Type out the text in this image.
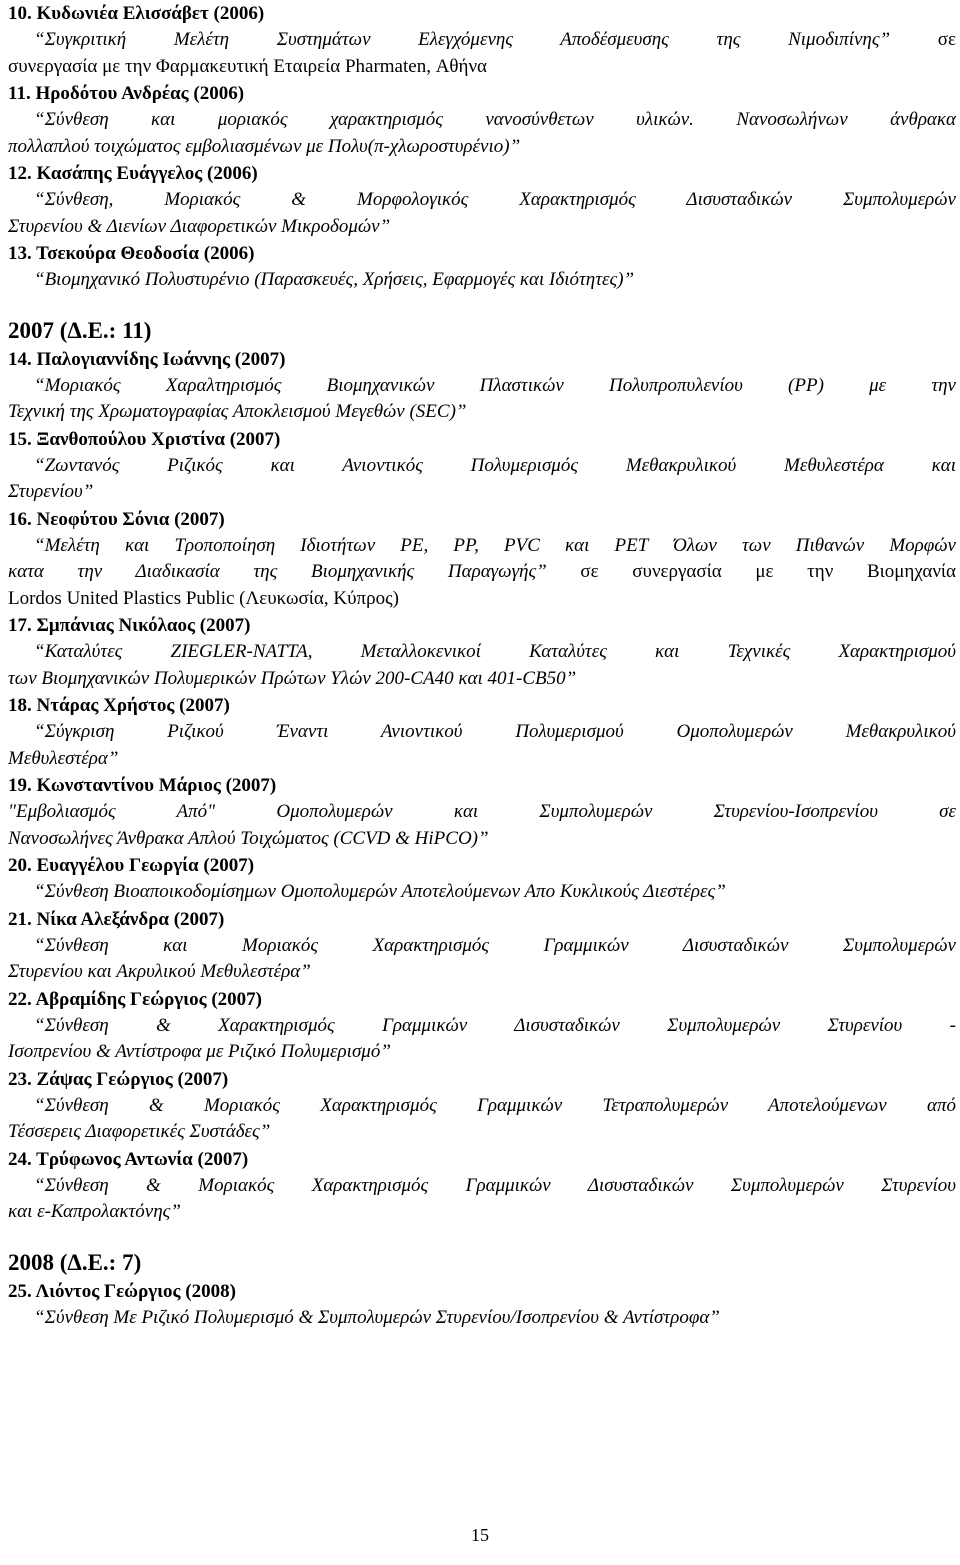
10. Κυδωνιέα Ελισσάβετ (2006)
“Συγκριτική Μελέτη Συστημάτων Ελεγχόμενης Αποδέσμευσης της Νιμοδιπίνης” σε
συνεργασία με την Φαρμακευτική Εταιρεία Pharmaten, Αθήνα
11. Ηροδότου Ανδρέας (2006)
“Σύνθεση και μοριακός χαρακτηρισμός νανοσύνθετων υλικών. Νανοσωλήνων άνθρακα
πολλαπλού τοιχώματος εμβολιασμένων με Πολυ(π-χλωροστυρένιο)”
12. Κασάπης Ευάγγελος (2006)
“Σύνθεση, Μοριακός & Μορφολογικός Χαρακτηρισμός Δισυσταδικών Συμπολυμερών
Στυρενίου & Διενίων Διαφορετικών Μικροδομών”
13. Τσεκούρα Θεοδοσία (2006)
“Βιομηχανικό Πολυστυρένιο (Παρασκευές, Χρήσεις, Εφαρμογές και Ιδιότητες)”
2007 (Δ.Ε.: 11)
14. Παλογιαννίδης Ιωάννης (2007)
“Μοριακός Χαραλτηρισμός Βιομηχανικών Πλαστικών Πολυπροπυλενίου (PP) με την
Τεχνική της Χρωματογραφίας Αποκλεισμού Μεγεθών (SEC)”
15. Ξανθοπούλου Χριστίνα (2007)
“Ζωντανός Ριζικός και Ανιοντικός Πολυμερισμός Μεθακρυλικού Μεθυλεστέρα και
Στυρενίου”
16. Νεοφύτου Σόνια (2007)
“Μελέτη και Τροποποίηση Ιδιοτήτων PE, PP, PVC και PET Όλων των Πιθανών Μορφών
κατα την Διαδικασία της Βιομηχανικής Παραγωγής” σε συνεργασία με την Βιομηχανία
Lordos United Plastics Public (Λευκωσία, Κύπρος)
17. Σμπάνιας Νικόλαος (2007)
“Καταλύτες ZIEGLER-NATTA, Μεταλλοκενικοί Καταλύτες και Τεχνικές Χαρακτηρισμού
των Βιομηχανικών Πολυμερικών Πρώτων Υλών 200-CA40 και 401-CB50”
18. Ντάρας Χρήστος (2007)
“Σύγκριση Ριζικού Έναντι Ανιοντικού Πολυμερισμού Ομοπολυμερών Μεθακρυλικού
Μεθυλεστέρα”
19. Κωνσταντίνου Μάριος (2007)
"Εμβολιασμός Από" Ομοπολυμερών και Συμπολυμερών Στυρενίου-Ισοπρενίου σε
Νανοσωλήνες Άνθρακα Απλού Τοιχώματος (CCVD & HiPCO)”
20. Ευαγγέλου Γεωργία (2007)
“Σύνθεση Βιοαποικοδομίσημων Ομοπολυμερών Αποτελούμενων Απο Κυκλικούς Διεστέρες”
21. Νίκα Αλεξάνδρα (2007)
“Σύνθεση και Μοριακός Χαρακτηρισμός Γραμμικών Δισυσταδικών Συμπολυμερών
Στυρενίου και Ακρυλικού Μεθυλεστέρα”
22. Αβραμίδης Γεώργιος (2007)
“Σύνθεση & Χαρακτηρισμός Γραμμικών Δισυσταδικών Συμπολυμερών Στυρενίου -
Ισοπρενίου & Αντίστροφα με Ριζικό Πολυμερισμό”
23. Ζάψας Γεώργιος (2007)
“Σύνθεση & Μοριακός Χαρακτηρισμός Γραμμικών Τετραπολυμερών Αποτελούμενων από
Τέσσερεις Διαφορετικές Συστάδες”
24. Τρύφωνος Αντωνία (2007)
“Σύνθεση & Μοριακός Χαρακτηρισμός Γραμμικών Δισυσταδικών Συμπολυμερών Στυρενίου
και ε-Καπρολακτόνης”
2008 (Δ.Ε.: 7)
25. Λιόντος Γεώργιος (2008)
“Σύνθεση Με Ριζικό Πολυμερισμό & Συμπολυμερών Στυρενίου/Ισοπρενίου & Αντίστροφα”
15
